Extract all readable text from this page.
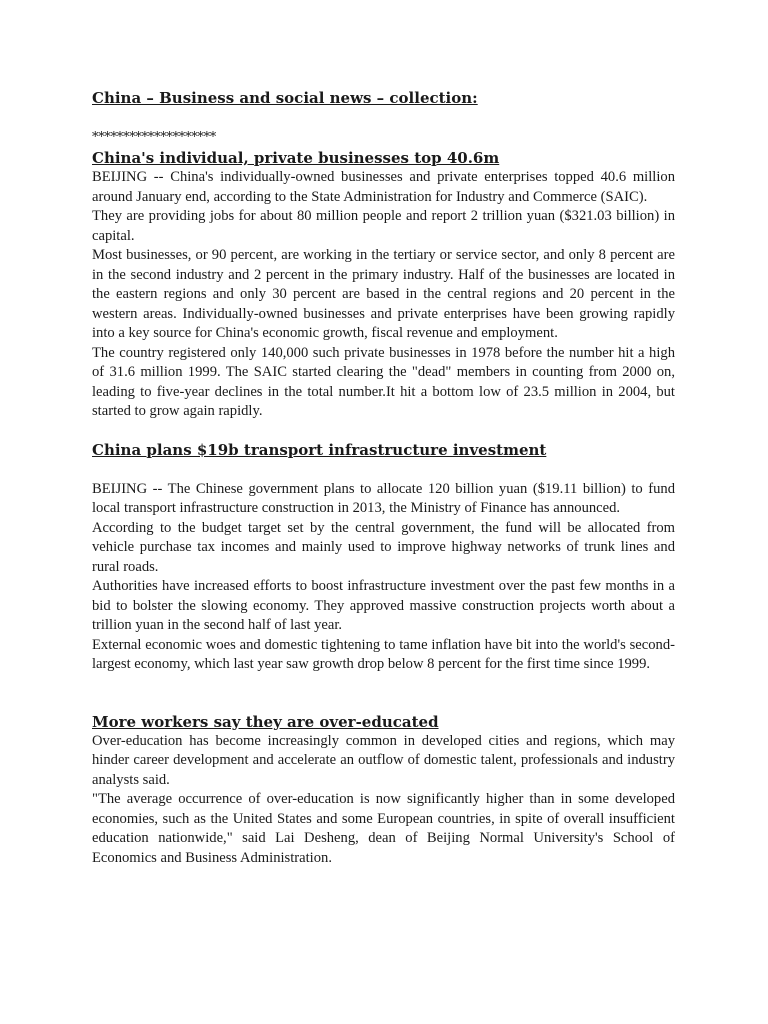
China – Business and social news – collection:

********************

China's individual, private businesses top 40.6m

BEIJING -- China's individually-owned businesses and private enterprises topped 40.6 million around January end, according to the State Administration for Industry and Commerce (SAIC).

They are providing jobs for about 80 million people and report 2 trillion yuan ($321.03 billion) in capital.

Most businesses, or 90 percent, are working in the tertiary or service sector, and only 8 percent are in the second industry and 2 percent in the primary industry. Half of the businesses are located in the eastern regions and only 30 percent are based in the central regions and 20 percent in the western areas. Individually-owned businesses and private enterprises have been growing rapidly into a key source for China's economic growth, fiscal revenue and employment.

The country registered only 140,000 such private businesses in 1978 before the number hit a high of 31.6 million 1999. The SAIC started clearing the "dead" members in counting from 2000 on, leading to five-year declines in the total number.It hit a bottom low of 23.5 million in 2004, but started to grow again rapidly.

China plans $19b transport infrastructure investment

BEIJING -- The Chinese government plans to allocate 120 billion yuan ($19.11 billion) to fund local transport infrastructure construction in 2013, the Ministry of Finance has announced.

According to the budget target set by the central government, the fund will be allocated from vehicle purchase tax incomes and mainly used to improve highway networks of trunk lines and rural roads.

Authorities have increased efforts to boost infrastructure investment over the past few months in a bid to bolster the slowing economy. They approved massive construction projects worth about a trillion yuan in the second half of last year.

External economic woes and domestic tightening to tame inflation have bit into the world's second-largest economy, which last year saw growth drop below 8 percent for the first time since 1999.

More workers say they are over-educated

Over-education has become increasingly common in developed cities and regions, which may hinder career development and accelerate an outflow of domestic talent, professionals and industry analysts said.

"The average occurrence of over-education is now significantly higher than in some developed economies, such as the United States and some European countries, in spite of overall insufficient education nationwide," said Lai Desheng, dean of Beijing Normal University's School of Economics and Business Administration.
